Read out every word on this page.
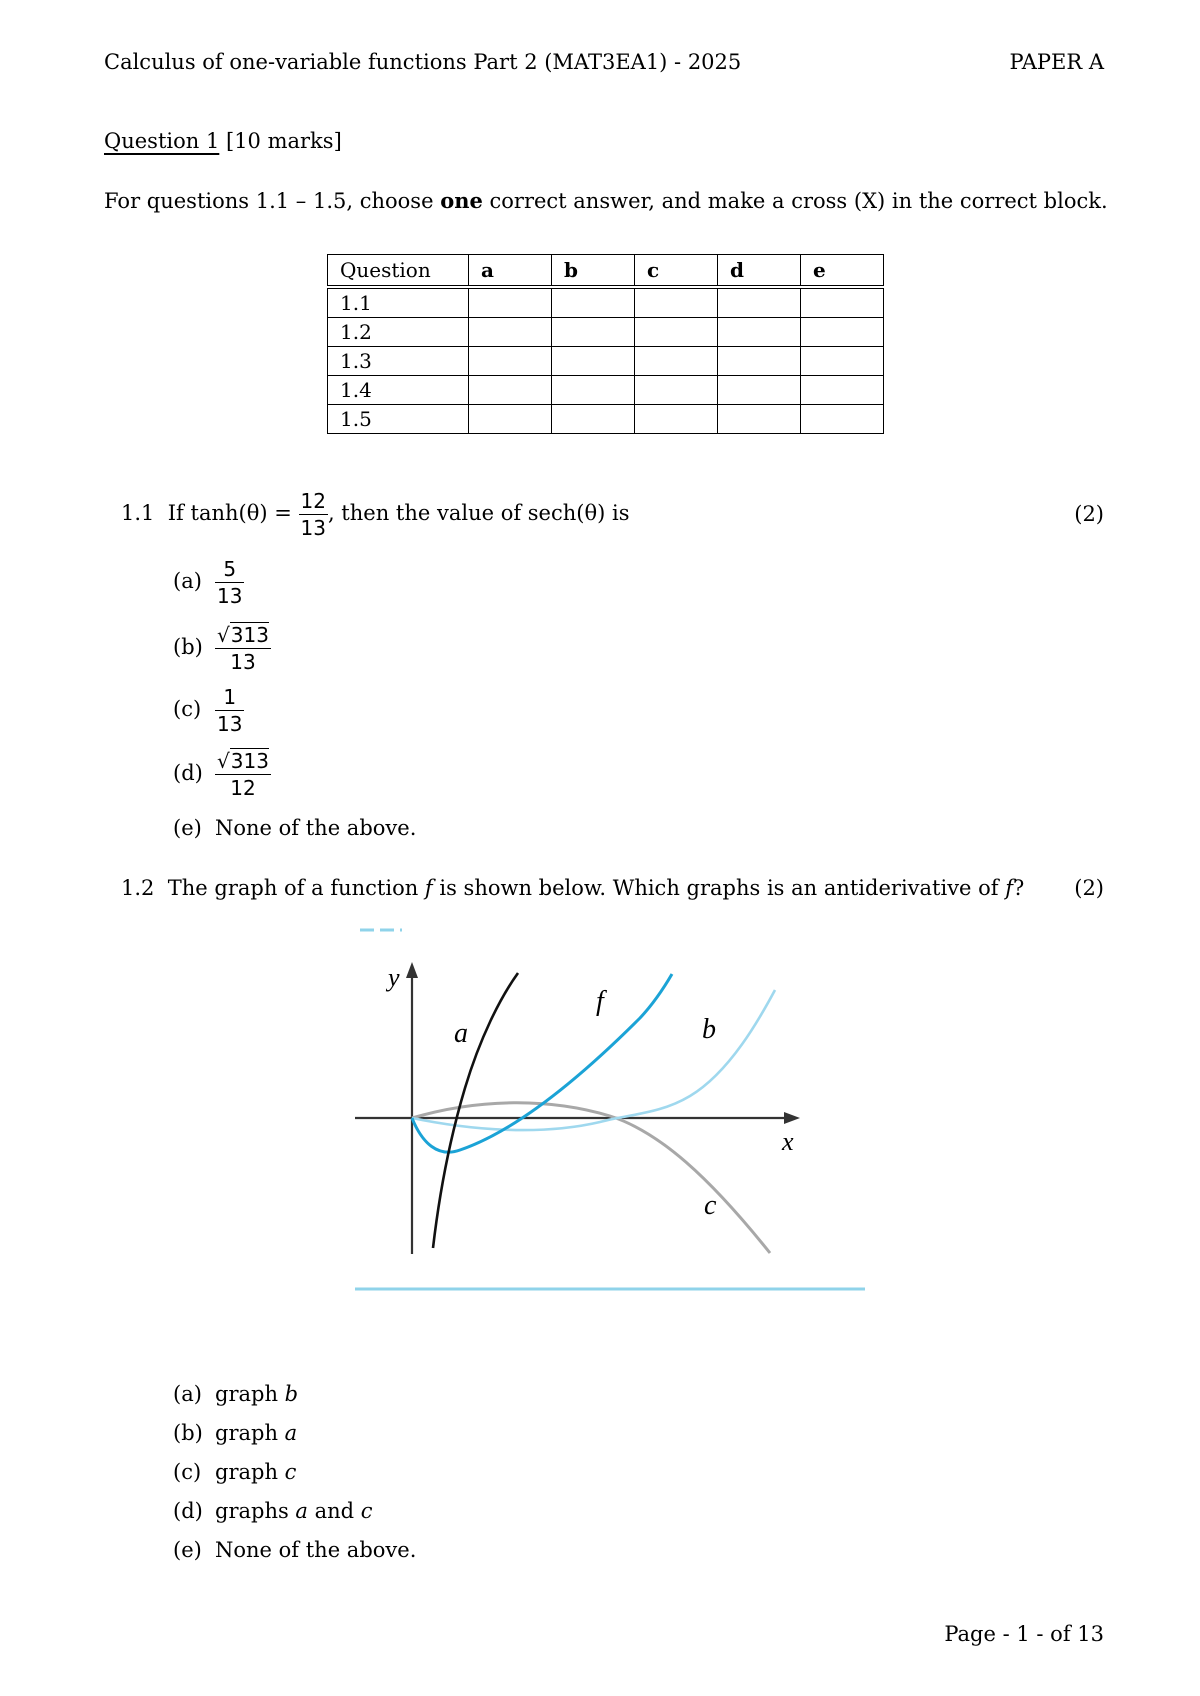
Calculus of one-variable functions Part 2 (MAT3EA1) - 2025	PAPER A
Question 1 [10 marks]
For questions 1.1 – 1.5, choose one correct answer, and make a cross (X) in the correct block.
Question	a	b	c	d	e
1.1					
1.2					
1.3					
1.4					
1.5					
1.1 If $\tanh(\theta) = \frac{12}{13}$ , then the value of sech(θ) is	(2)
$(a) \frac{5}{13}$
$(b) \frac{√313}{13}$
$(c) \frac{1}{13}$
$(d) \frac{√313}{12}$
(e) None of the above.
1.2 The graph of a function f is shown below. Which graphs is an antiderivative of f? (2)
y
x
f
a	b
c
(a) graph b
(b) graph a
(c) graph c
(d) graphs a and c
(e) None of the above.
Page - 1 - of 13
